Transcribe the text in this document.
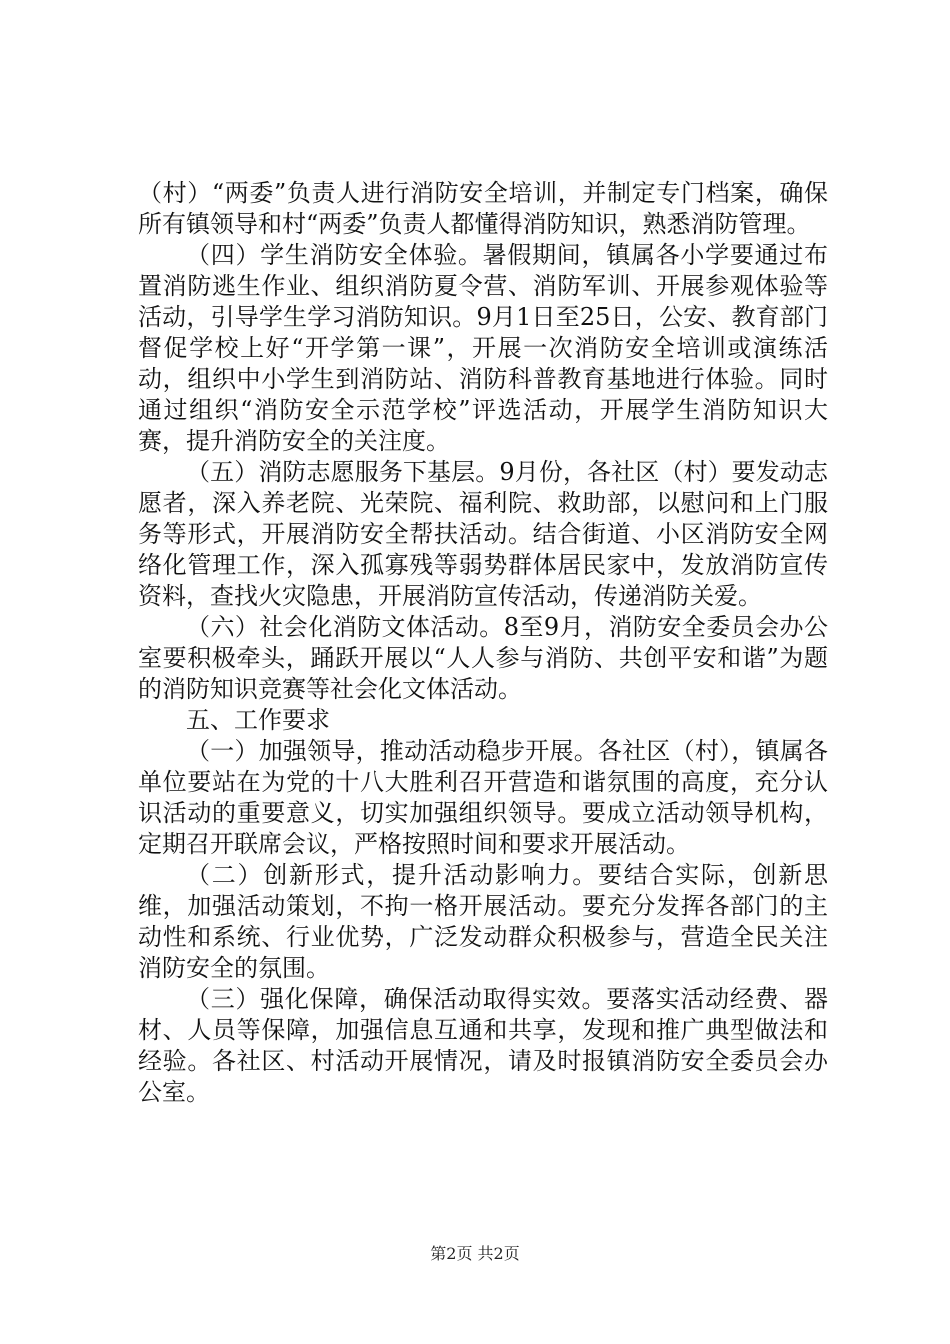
（村）“两委”负责人进行消防安全培训，并制定专门档案，确保所有镇领导和村“两委”负责人都懂得消防知识，熟悉消防管理。

（四）学生消防安全体验。暑假期间，镇属各小学要通过布置消防逃生作业、组织消防夏令营、消防军训、开展参观体验等活动，引导学生学习消防知识。9月1日至25日，公安、教育部门督促学校上好“开学第一课”，开展一次消防安全培训或演练活动，组织中小学生到消防站、消防科普教育基地进行体验。同时通过组织“消防安全示范学校”评选活动，开展学生消防知识大赛，提升消防安全的关注度。

（五）消防志愿服务下基层。9月份，各社区（村）要发动志愿者，深入养老院、光荣院、福利院、救助部，以慰问和上门服务等形式，开展消防安全帮扶活动。结合街道、小区消防安全网络化管理工作，深入孤寡残等弱势群体居民家中，发放消防宣传资料，查找火灾隐患，开展消防宣传活动，传递消防关爱。

（六）社会化消防文体活动。8至9月，消防安全委员会办公室要积极牵头，踊跃开展以“人人参与消防、共创平安和谐”为题的消防知识竞赛等社会化文体活动。

五、工作要求

（一）加强领导，推动活动稳步开展。各社区（村），镇属各单位要站在为党的十八大胜利召开营造和谐氛围的高度，充分认识活动的重要意义，切实加强组织领导。要成立活动领导机构，定期召开联席会议，严格按照时间和要求开展活动。

（二）创新形式，提升活动影响力。要结合实际，创新思维，加强活动策划，不拘一格开展活动。要充分发挥各部门的主动性和系统、行业优势，广泛发动群众积极参与，营造全民关注消防安全的氛围。

（三）强化保障，确保活动取得实效。要落实活动经费、器材、人员等保障，加强信息互通和共享，发现和推广典型做法和经验。各社区、村活动开展情况，请及时报镇消防安全委员会办公室。

第2页 共2页
